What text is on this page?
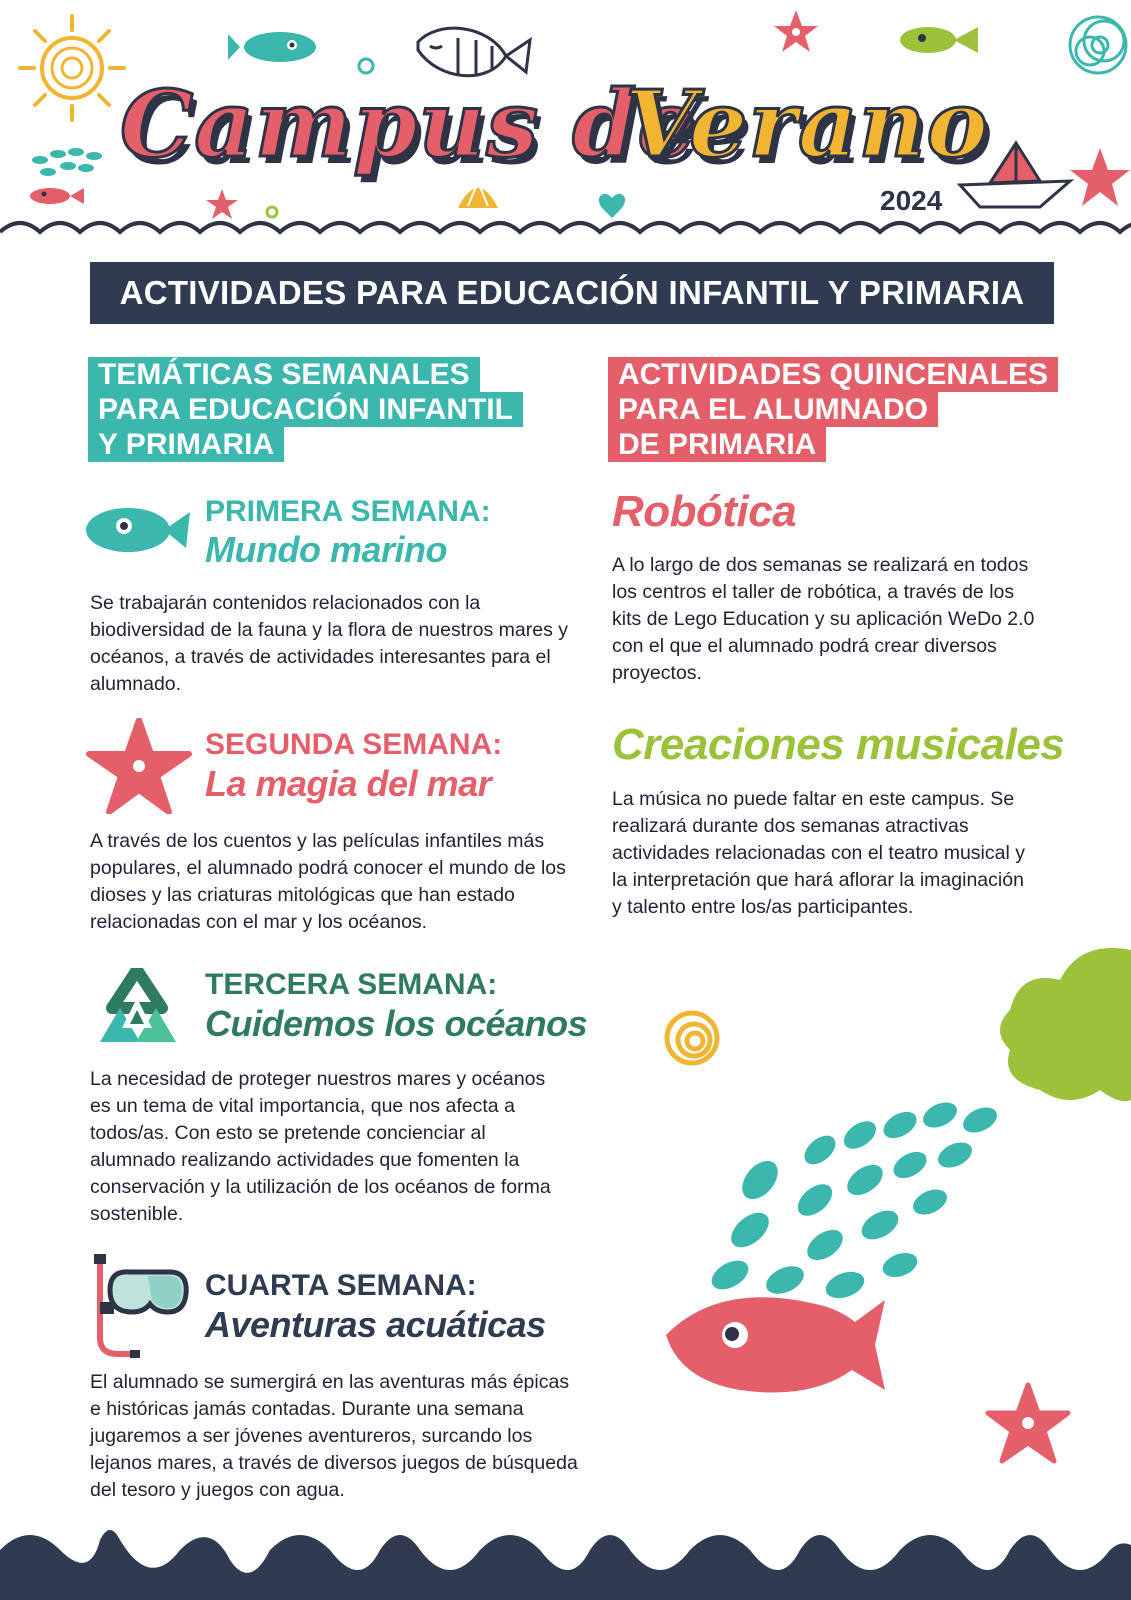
Campus de
Verano
2024
ACTIVIDADES PARA EDUCACIÓN INFANTIL Y PRIMARIA
TEMÁTICAS SEMANALES
PARA EDUCACIÓN INFANTIL
Y PRIMARIA
PRIMERA SEMANA:
Mundo marino
Se trabajarán contenidos relacionados con la biodiversidad de la fauna y la flora de nuestros mares y océanos, a través de actividades interesantes para el alumnado.
SEGUNDA SEMANA:
La magia del mar
A través de los cuentos y las películas infantiles más populares, el alumnado podrá conocer el mundo de los dioses y las criaturas mitológicas que han estado relacionadas con el mar y los océanos.
TERCERA SEMANA:
Cuidemos los océanos
La necesidad de proteger nuestros mares y océanos es un tema de vital importancia, que nos afecta a todos/as. Con esto se pretende concienciar al alumnado realizando actividades que fomenten la conservación y la utilización de los océanos de forma sostenible.
CUARTA SEMANA:
Aventuras acuáticas
El alumnado se sumergirá en las aventuras más épicas e históricas jamás contadas. Durante una semana jugaremos a ser jóvenes aventureros, surcando los lejanos mares, a través de diversos juegos de búsqueda del tesoro y juegos con agua.
ACTIVIDADES QUINCENALES
PARA EL ALUMNADO
DE PRIMARIA
Robótica
A lo largo de dos semanas se realizará en todos los centros el taller de robótica, a través de los kits de Lego Education y su aplicación WeDo 2.0 con el que el alumnado podrá crear diversos proyectos.
Creaciones musicales
La música no puede faltar en este campus. Se realizará durante dos semanas atractivas actividades relacionadas con el teatro musical y la interpretación que hará aflorar la imaginación y talento entre los/as participantes.
